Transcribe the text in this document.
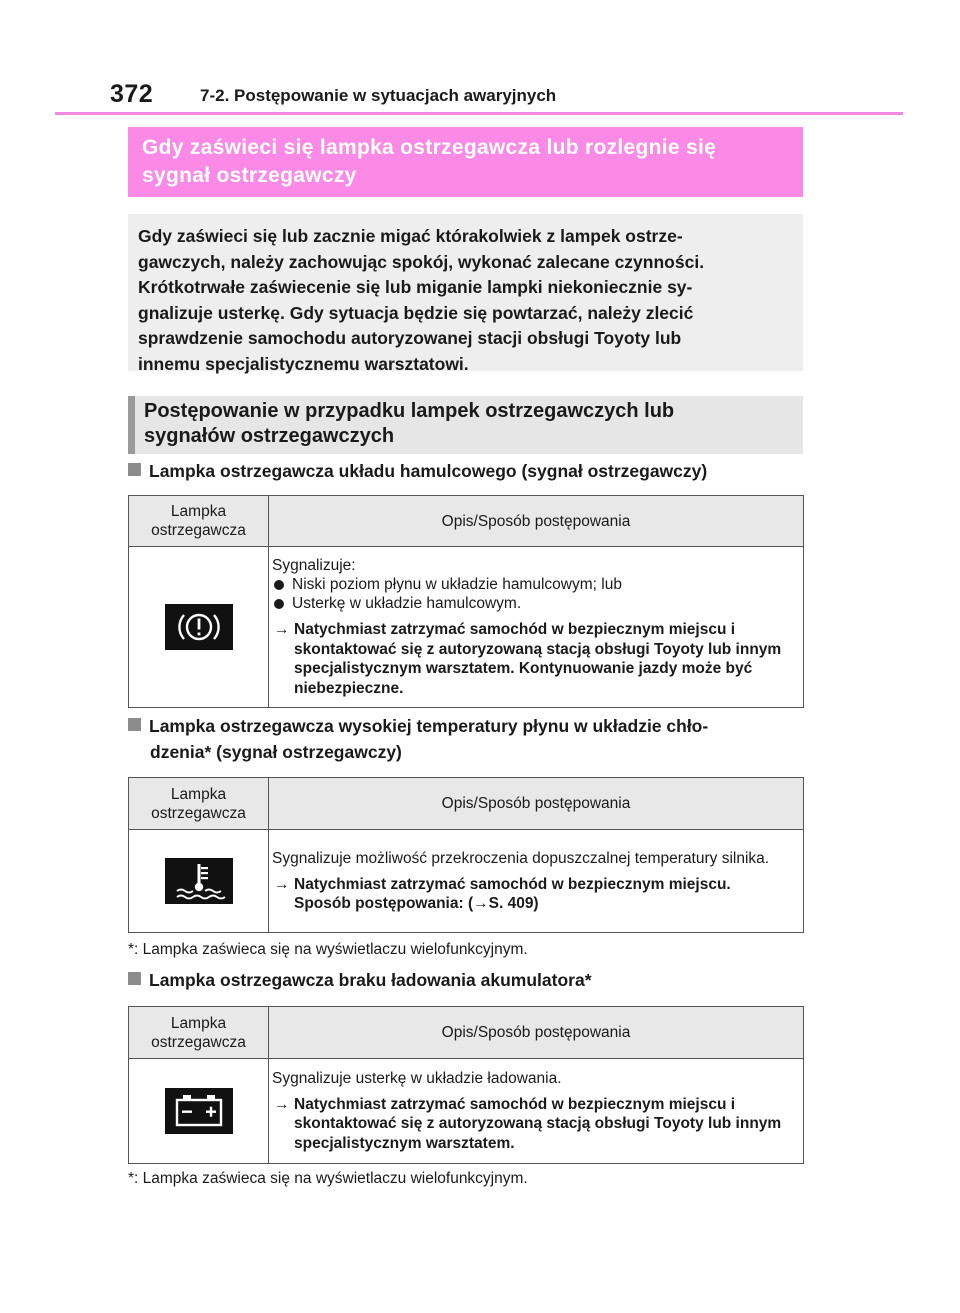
372	7-2. Postępowanie w sytuacjach awaryjnych
Gdy zaświeci się lampka ostrzegawcza lub rozlegnie się
sygnał ostrzegawczy

Gdy zaświeci się lub zacznie migać którakolwiek z lampek ostrze-

gawczych, należy zachowując spokój, wykonać zalecane czynności.

Krótkotrwałe zaświecenie się lub miganie lampki niekoniecznie sy-

gnalizuje usterkę. Gdy sytuacja będzie się powtarzać, należy zlecić

sprawdzenie samochodu autoryzowanej stacji obsługi Toyoty lub

innemu specjalistycznemu warsztatowi.

Postępowanie w przypadku lampek ostrzegawczych lub
sygnałów ostrzegawczych
Lampka ostrzegawcza układu hamulcowego (sygnał ostrzegawczy)
Lampka
ostrzegawcza	Opis/Sposób postępowania

Sygnalizuje:
Niski poziom płynu w układzie hamulcowym; lub
Usterkę w układzie hamulcowym.
→ Natychmiast zatrzymać samochód w bezpiecznym miejscu i skontaktować się z autoryzowaną stacją obsługi Toyoty lub innym specjalistycznym warsztatem. Kontynuowanie jazdy może być niebezpieczne.
Lampka ostrzegawcza wysokiej temperatury płynu w układzie chło-
dzenia* (sygnał ostrzegawczy)
Lampka
ostrzegawcza	Opis/Sposób postępowania

Sygnalizuje możliwość przekroczenia dopuszczalnej temperatury silnika.
→ Natychmiast zatrzymać samochód w bezpiecznym miejscu.
Sposób postępowania: (→S. 409)
*: Lampka zaświeca się na wyświetlaczu wielofunkcyjnym.
Lampka ostrzegawcza braku ładowania akumulatora*
Lampka
ostrzegawcza	Opis/Sposób postępowania

Sygnalizuje usterkę w układzie ładowania.
→ Natychmiast zatrzymać samochód w bezpiecznym miejscu i skontaktować się z autoryzowaną stacją obsługi Toyoty lub innym specjalistycznym warsztatem.
*: Lampka zaświeca się na wyświetlaczu wielofunkcyjnym.
